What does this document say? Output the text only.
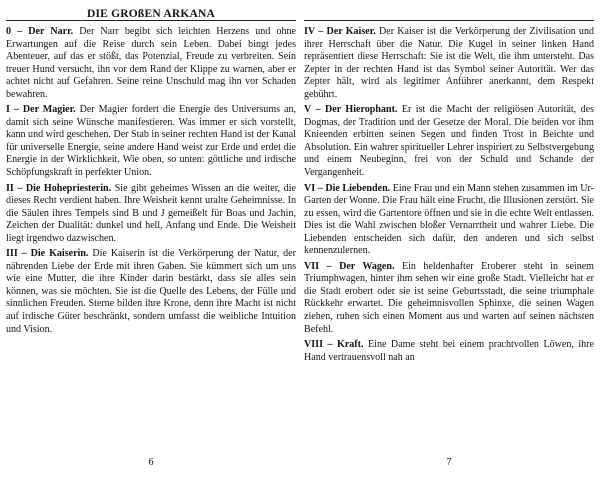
DIE GROßEN ARKANA

0 – Der Narr. Der Narr begibt sich leichten Herzens und ohne Erwartungen auf die Reise durch sein Leben. Dabei bingt jedes Abenteuer, auf das er stößt, das Potenzial, Freude zu verbreiten. Sein treuer Hund versucht, ihn vor dem Rand der Klippe zu warnen, aber er achtet nicht auf Gefahren. Seine reine Unschuld mag ihn vor Schaden bewahren.

I – Der Magier. Der Magier fordert die Energie des Universums an, damit sich seine Wünsche manifestieren. Was immer er sich vorstellt, kann und wird geschehen. Der Stab in seiner rechten Hand ist der Kanal für universelle Energie, seine andere Hand weist zur Erde und erdet die Energie in der Wirklichkeit. Wie oben, so unten: göttliche und irdische Schöpfungskraft in perfekter Union.

II – Die Hohepriesterin. Sie gibt geheimes Wissen an die weiter, die dieses Recht verdient haben. Ihre Weisheit kennt uralte Geheimnisse. In die Säulen ihres Tempels sind B und J gemeißelt für Boas und Jachin, Zeichen der Dualität: dunkel und hell, Anfang und Ende. Die Weisheit liegt irgendwo dazwischen.

III – Die Kaiserin. Die Kaiserin ist die Verkörperung der Natur, der nährenden Liebe der Erde mit ihren Gaben. Sie kümmert sich um uns wie eine Mutter, die ihre Kinder darin bestärkt, dass sie alles sein können, was sie möchten. Sie ist die Quelle des Lebens, der Fülle und sinnlichen Freuden. Sterne bilden ihre Krone, denn ihre Macht ist nicht auf irdische Güter beschränkt, sondern umfasst die weibliche Intuition und Vision.

6

IV – Der Kaiser. Der Kaiser ist die Verkörperung der Zivilisation und ihrer Herrschaft über die Natur. Die Kugel in seiner linken Hand repräsentiert diese Herrschaft: Sie ist die Welt, die ihm untersteht. Das Zepter in der rechten Hand ist das Symbol seiner Autorität. Wer das Zepter hält, wird als legitimer Anführer anerkannt, dem Respekt gebührt.

V – Der Hierophant. Er ist die Macht der religiösen Autorität, des Dogmas, der Tradition und der Gesetze der Moral. Die beiden vor ihm Knieenden erbitten seinen Segen und finden Trost in Beichte und Absolution. Ein wahrer spiritueller Lehrer inspiriert zu Selbstvergebung und einem Neubeginn, frei von der Schuld und Schande der Vergangenheit.

VI – Die Liebenden. Eine Frau und ein Mann stehen zusammen im Ur-Garten der Wonne. Die Frau hält eine Frucht, die Illusionen zerstört. Sie zu essen, wird die Gartentore öffnen und sie in die echte Welt entlassen. Dies ist die Wahl zwischen bloßer Vernarrtheit und wahrer Liebe. Die Liebenden entscheiden sich dafür, den anderen und sich selbst kennenzulernen.

VII – Der Wagen. Ein heldenhafter Eroberer steht in seinem Triumphwagen, hinter ihm sehen wir eine große Stadt. Vielleicht hat er die Stadt erobert oder sie ist seine Geburtsstadt, die seine triumphale Rückkehr erwartet. Die geheimnisvollen Sphinxe, die seinen Wagen ziehen, ruhen sich einen Moment aus und warten auf seinen nächsten Befehl.

VIII – Kraft. Eine Dame steht bei einem prachtvollen Löwen, ihre Hand vertrauensvoll nah an

7
